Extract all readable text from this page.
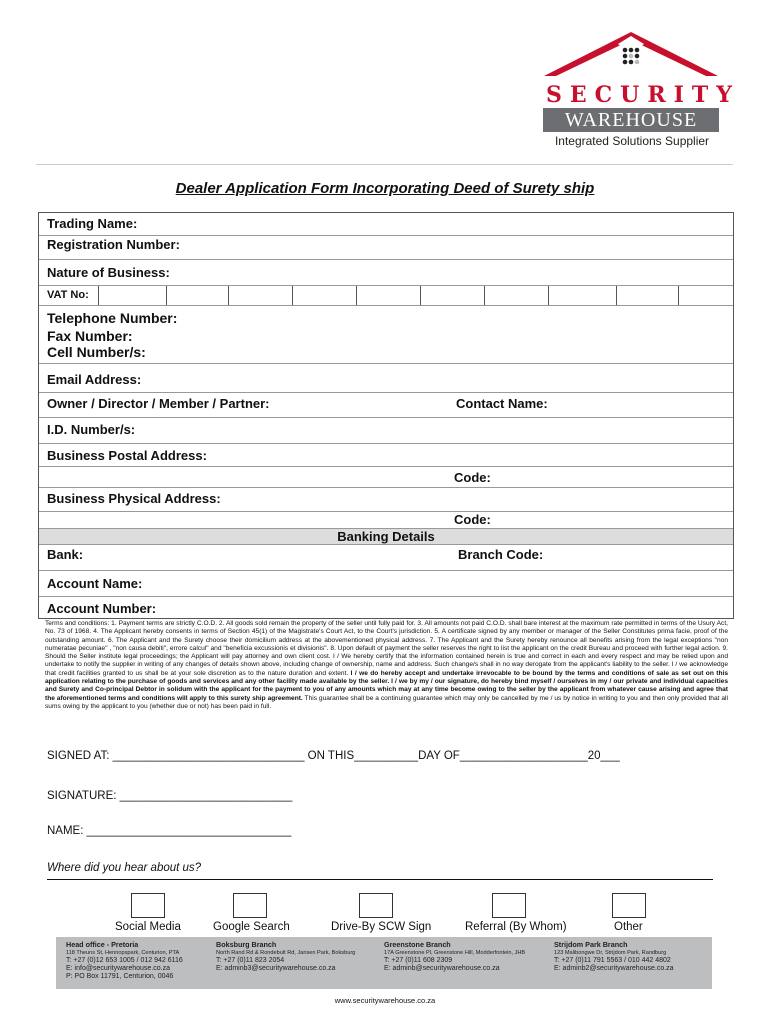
SECURITY
WAREHOUSE
Integrated Solutions Supplier
Dealer Application Form Incorporating Deed of Surety ship
Trading Name:
Registration Number:
Nature of Business:
VAT No:
Telephone Number:
Fax Number:
Cell Number/s:
Email Address:
Owner / Director / Member / Partner:	Contact Name:
I.D. Number/s:
Business Postal Address:
Code:
Business Physical Address:
Code:
Banking Details
Bank:	Branch Code:
Account Name:
Account Number:
Terms and conditions: 1. Payment terms are strictly C.O.D. 2. All goods sold remain the property of the seller until fully paid for. 3. All amounts not paid C.O.D. shall bare interest at the maximum rate permitted in terms of the Usury Act, No. 73 of 1968. 4. The Applicant hereby consents in terms of Section 45(1) of the Magistrate's Court Act, to the Court's jurisdiction. 5. A certificate signed by any member or manager of the Seller Constitutes prima facie, proof of the outstanding amount. 6. The Applicant and the Surety choose their domicilium address at the abovementioned physical address. 7. The Applicant and the Surety hereby renounce all benefits arising from the legal exceptions "non numeratae pecuniae" , "non causa debiti", errore calcul" and "beneficia excussionis et divisionis". 8. Upon default of payment the seller reserves the right to list the applicant on the credit Bureau and proceed with further legal action. 9. Should the Seller institute legal proceedings; the Applicant will pay attorney and own client cost. I / We hereby certify that the information contained herein is true and correct in each and every respect and may be relied upon and undertake to notify the supplier in writing of any changes of details shown above, including change of ownership, name and address. Such change/s shall in no way derogate from the applicant's liability to the seller. I / we acknowledge that credit facilities granted to us shall be at your sole discretion as to the nature duration and extent. I / we do hereby accept and undertake irrevocable to be bound by the terms and conditions of sale as set out on this application relating to the purchase of goods and services and any other facility made available by the seller. I / we by my / our signature, do hereby bind myself / ourselves in my / our private and individual capacities and Surety and Co-principal Debtor in solidum with the applicant for the payment to you of any amounts which may at any time become owing to the seller by the applicant from whatever cause arising and agree that the aforementioned terms and conditions will apply to this surety ship agreement. This guarantee shall be a continuing guarantee which may only be cancelled by me / us by notice in writing to you and then only provided that all sums owing by the applicant to you (whether due or not) has been paid in full.
SIGNED AT: ______________________________ ON THIS__________DAY OF____________________20___
SIGNATURE: ___________________________
NAME: ________________________________
Where did you hear about us?
Social Media	Google Search	Drive-By SCW Sign	Referral (By Whom)	Other
Head office - Pretoria
118 Theuns St, Hennopspark, Centurion, PTA
T: +27 (0)12 653 1005 / 012 942 6116
E: info@securitywarehouse.co.za
P: PO Box 11791, Centurion, 0046
Boksburg Branch
North Rand Rd & Rondebult Rd, Jansen Park, Boksburg
T: +27 (0)11 823 2054
E: adminb3@securitywarehouse.co.za
Greenstone Branch
17A Greenstone Pl, Greenstone Hill, Modderfontein, JHB
T: +27 (0)11 608 2309
E: adminb@securitywarehouse.co.za
Strijdom Park Branch
123 Malibongwe Dr, Strijdom Park, Randburg
T: +27 (0)11 791 5563 / 010 442 4802
E: adminb2@securitywarehouse.co.za
www.securitywarehouse.co.za
